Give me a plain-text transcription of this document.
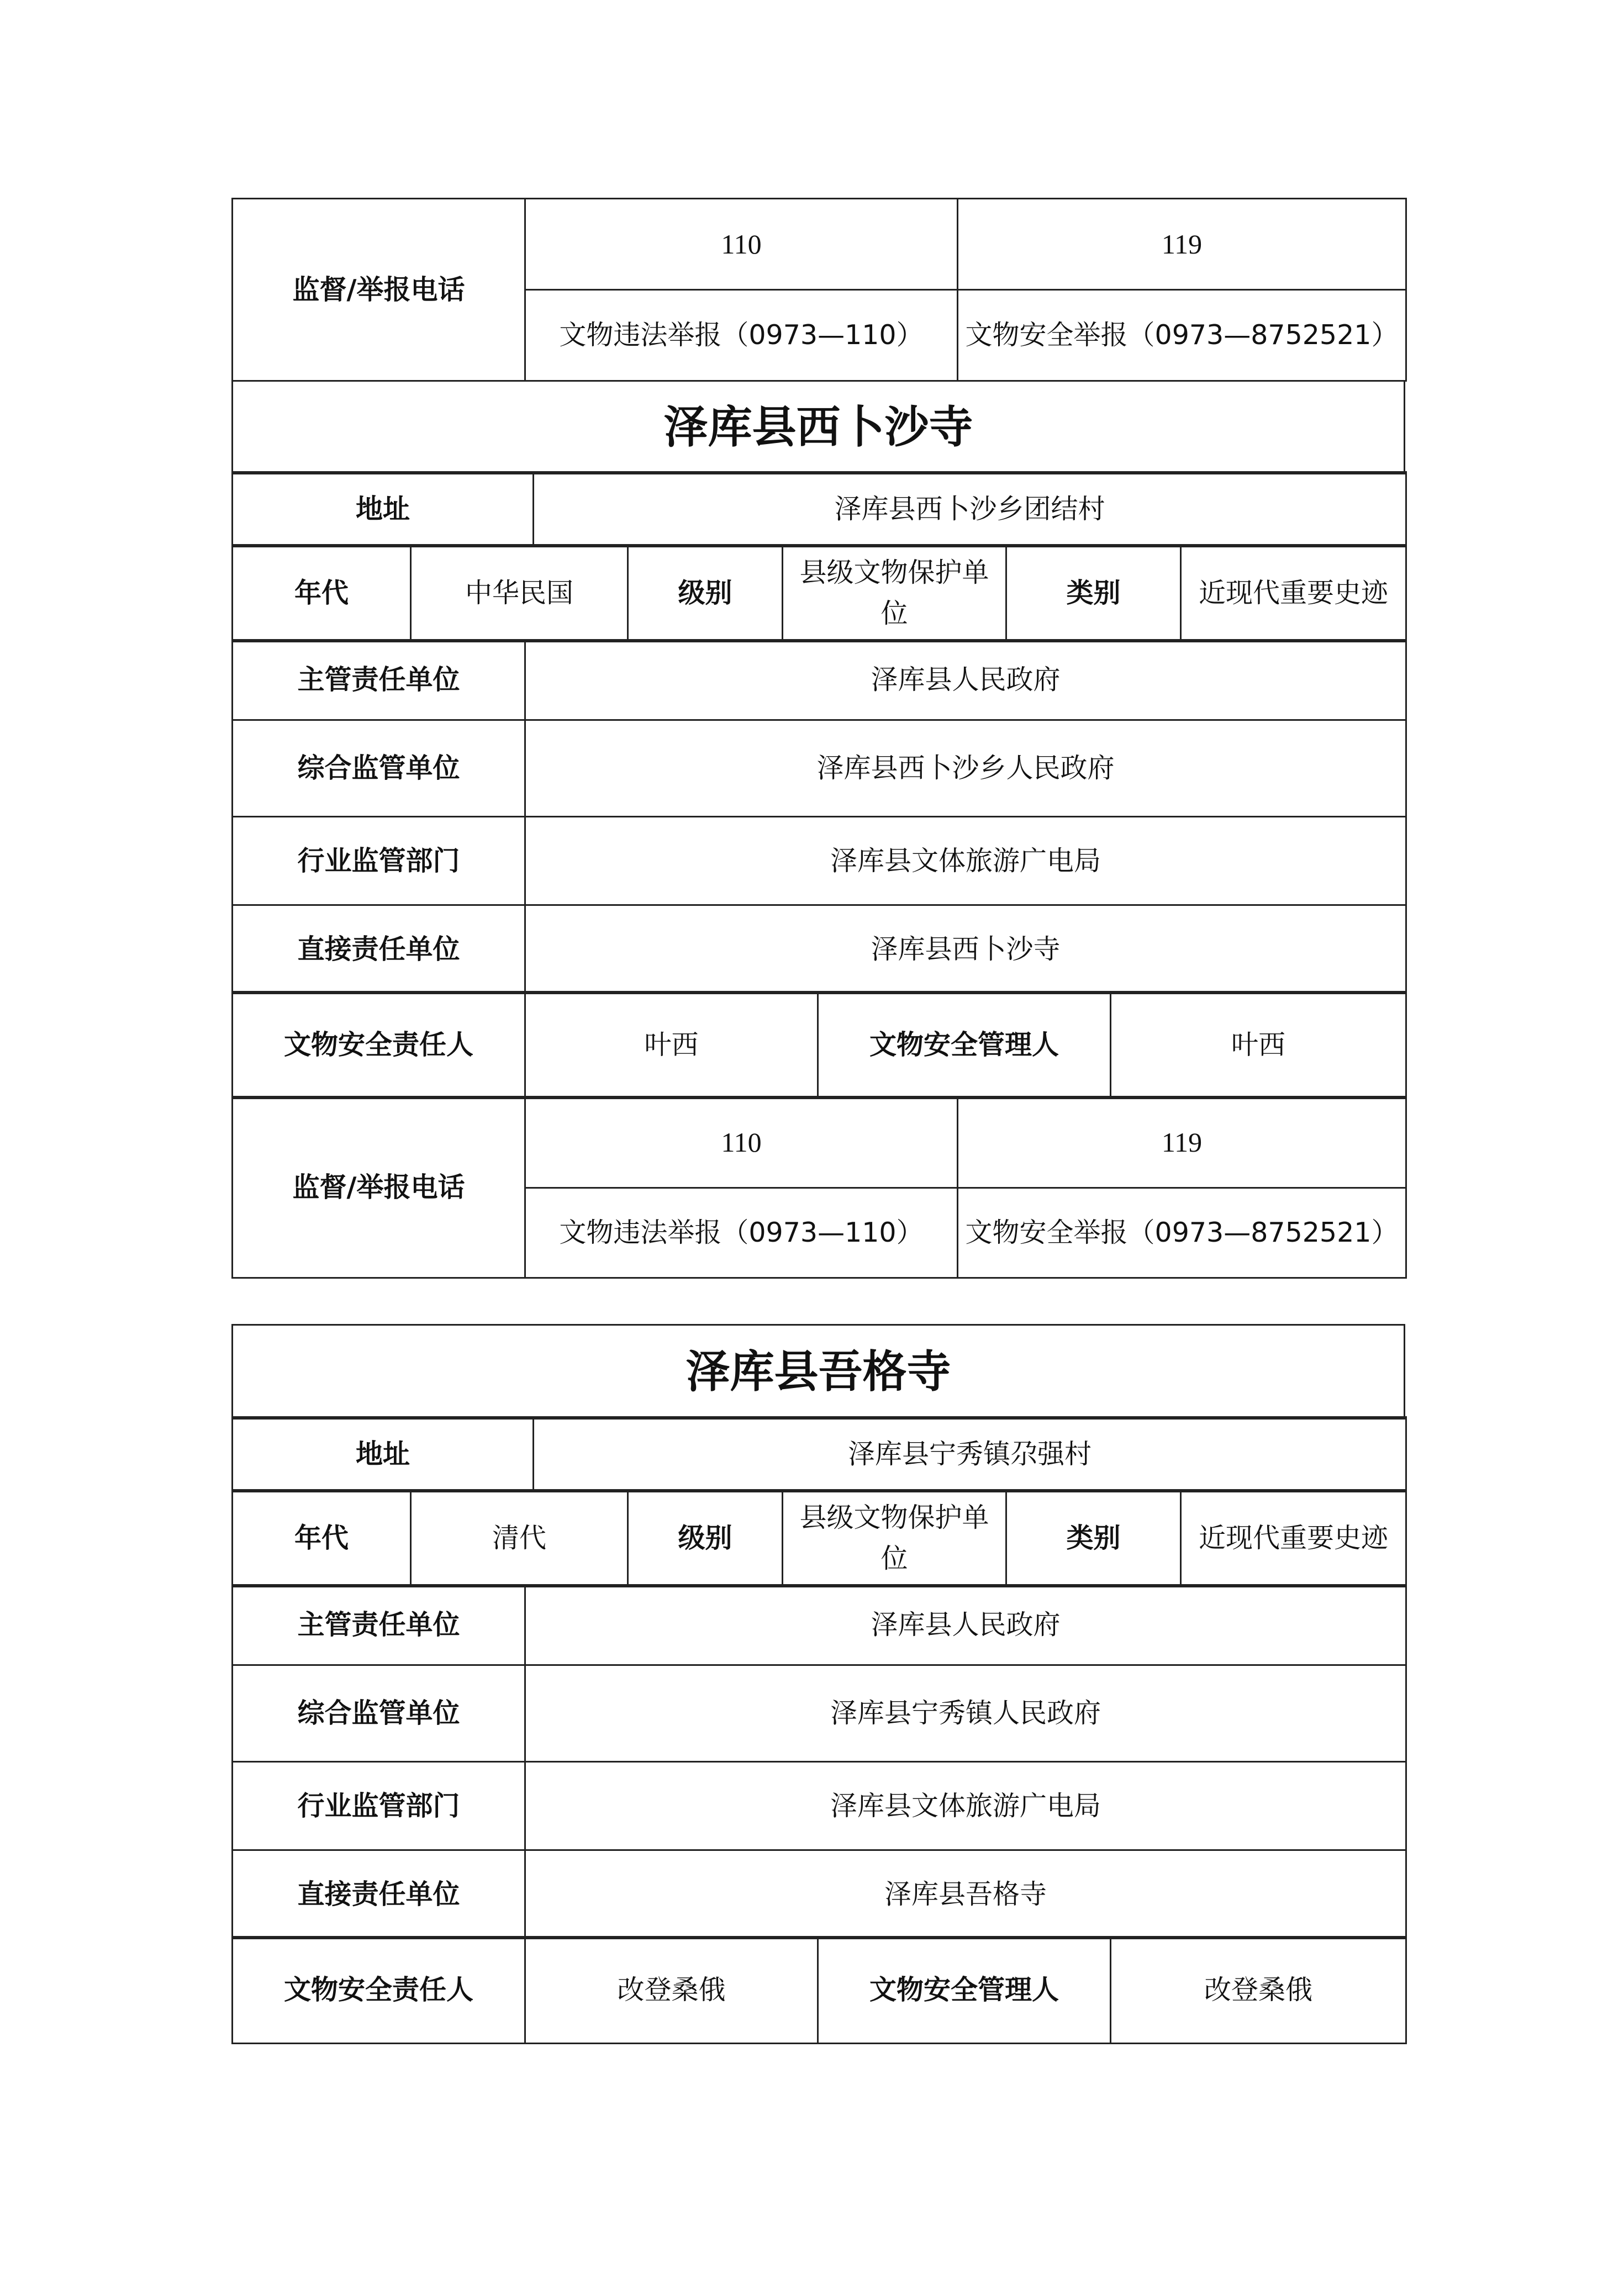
监督/举报电话	110	119
	文物违法举报（0973—110）	文物安全举报（0973—8752521）
泽库县西卜沙寺
地址	泽库县西卜沙乡团结村
年代	中华民国	级别	县级文物保护单位	类别	近现代重要史迹
主管责任单位	泽库县人民政府
综合监管单位	泽库县西卜沙乡人民政府
行业监管部门	泽库县文体旅游广电局
直接责任单位	泽库县西卜沙寺
文物安全责任人	叶西	文物安全管理人	叶西
监督/举报电话	110	119
	文物违法举报（0973—110）	文物安全举报（0973—8752521）
泽库县吾格寺
地址	泽库县宁秀镇尕强村
年代	清代	级别	县级文物保护单位	类别	近现代重要史迹
主管责任单位	泽库县人民政府
综合监管单位	泽库县宁秀镇人民政府
行业监管部门	泽库县文体旅游广电局
直接责任单位	泽库县吾格寺
文物安全责任人	改登桑俄	文物安全管理人	改登桑俄
